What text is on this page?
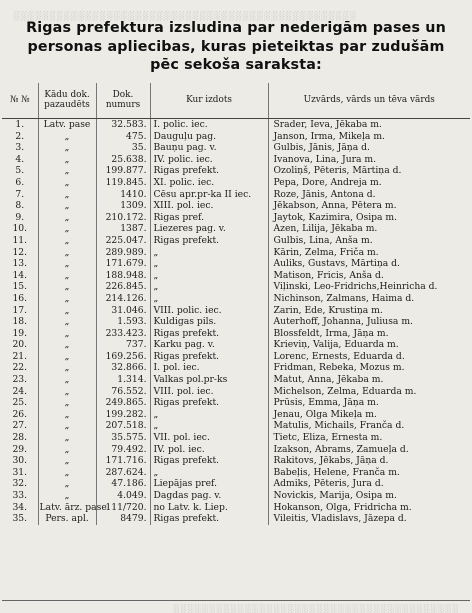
░░░░░░░░░░░░░░░░░░░░░░░░░░░░░░░░░░░░░░░░░░░░░░░░
Rigas prefektura izsludina par nederigām pases un
personas apliecibas, kuras pieteiktas par zudušām
pēc sekoša saraksta:
№ №	Kādu dok. pazaudēts	Dok. numurs	Kur izdots	Uzvārds, vārds un tēva vārds
1.	Latv. pase	32.583.	I. polic. iec.	Srader, Ieva, Jēkaba m.
2.	„	475.	Dauguļu pag.	Janson, Irma, Mikeļa m.
3.	„	35.	Bauņu pag. v.	Gulbis, Jānis, Jāņa d.
4.	„	25.638.	IV. polic. iec.	Ivanova, Lina, Jura m.
5.	„	199.877.	Rigas prefekt.	Ozoliņš, Pēteris, Mārtiņa d.
6.	„	119.845.	XI. polic. iec.	Pepa, Dore, Andreja m.
7.	„	1410.	Cēsu apr.pr-ka II iec.	Roze, Jānis, Antona d.
8.	„	1309.	XIII. pol. iec.	Jēkabson, Anna, Pētera m.
9.	„	210.172.	Rigas pref.	Jaytok, Kazimira, Osipa m.
10.	„	1387.	Liezeres pag. v.	Azen, Lilija, Jēkaba m.
11.	„	225.047.	Rigas prefekt.	Gulbis, Lina, Anša m.
12.	„	289.989.	„	Kārin, Zelma, Friča m.
13.	„	171.679.	„	Auliks, Gustavs, Mārtiņa d.
14.	„	188.948.	„	Matison, Fricis, Anša d.
15.	„	226.845.	„	Viļinski, Leo-Fridrichs,Heinricha d.
16.	„	214.126.	„	Nichinson, Zalmans, Haima d.
17.	„	31.046.	VIII. polic. iec.	Zarin, Ede, Krustiņa m.
18.	„	1.593.	Kuldigas pils.	Auterhoff, Johanna, Juliusa m.
19.	„	233.423.	Rigas prefekt.	Blossfeldt, Irma, Jāņa m.
20.	„	737.	Karku pag. v.	Krieviņ, Valija, Eduarda m.
21.	„	169.256.	Rigas prefekt.	Lorenc, Ernests, Eduarda d.
22.	„	32.866.	I. pol. iec.	Fridman, Rebeka, Mozus m.
23.	„	1.314.	Valkas pol.pr-ks	Matut, Anna, Jēkaba m.
24.	„	76.552.	VIII. pol. iec.	Michelson, Zelma, Eduarda m.
25.	„	249.865.	Rigas prefekt.	Prūsis, Emma, Jāņa m.
26.	„	199.282.	„	Jenau, Olga Mikeļa m.
27.	„	207.518.	„	Matulis, Michails, Franča d.
28.	„	35.575.	VII. pol. iec.	Tietc, Eliza, Ernesta m.
29.	„	79.492.	IV. pol. iec.	Izakson, Abrams, Zamueļa d.
30.	„	171.716.	Rigas prefekt.	Rakitovs, Jēkabs, Jāņa d.
31.	„	287.624.	„	Babeļis, Helene, Franča m.
32.	„	47.186.	Liepājas pref.	Admiks, Pēteris, Jura d.
33.	„	4.049.	Dagdas pag. v.	Novickis, Marija, Osipa m.
34.	Latv. ārz. pase	111/720.	no Latv. k. Liep.	Hokanson, Olga, Fridricha m.
35.	Pers. apl.	8479.	Rigas prefekt.	Vileitis, Vladislavs, Jāzepa d.
░░░░░░░░░░░░░░░░░░░░░░░░░░░░░░░░░░░░░░░░
